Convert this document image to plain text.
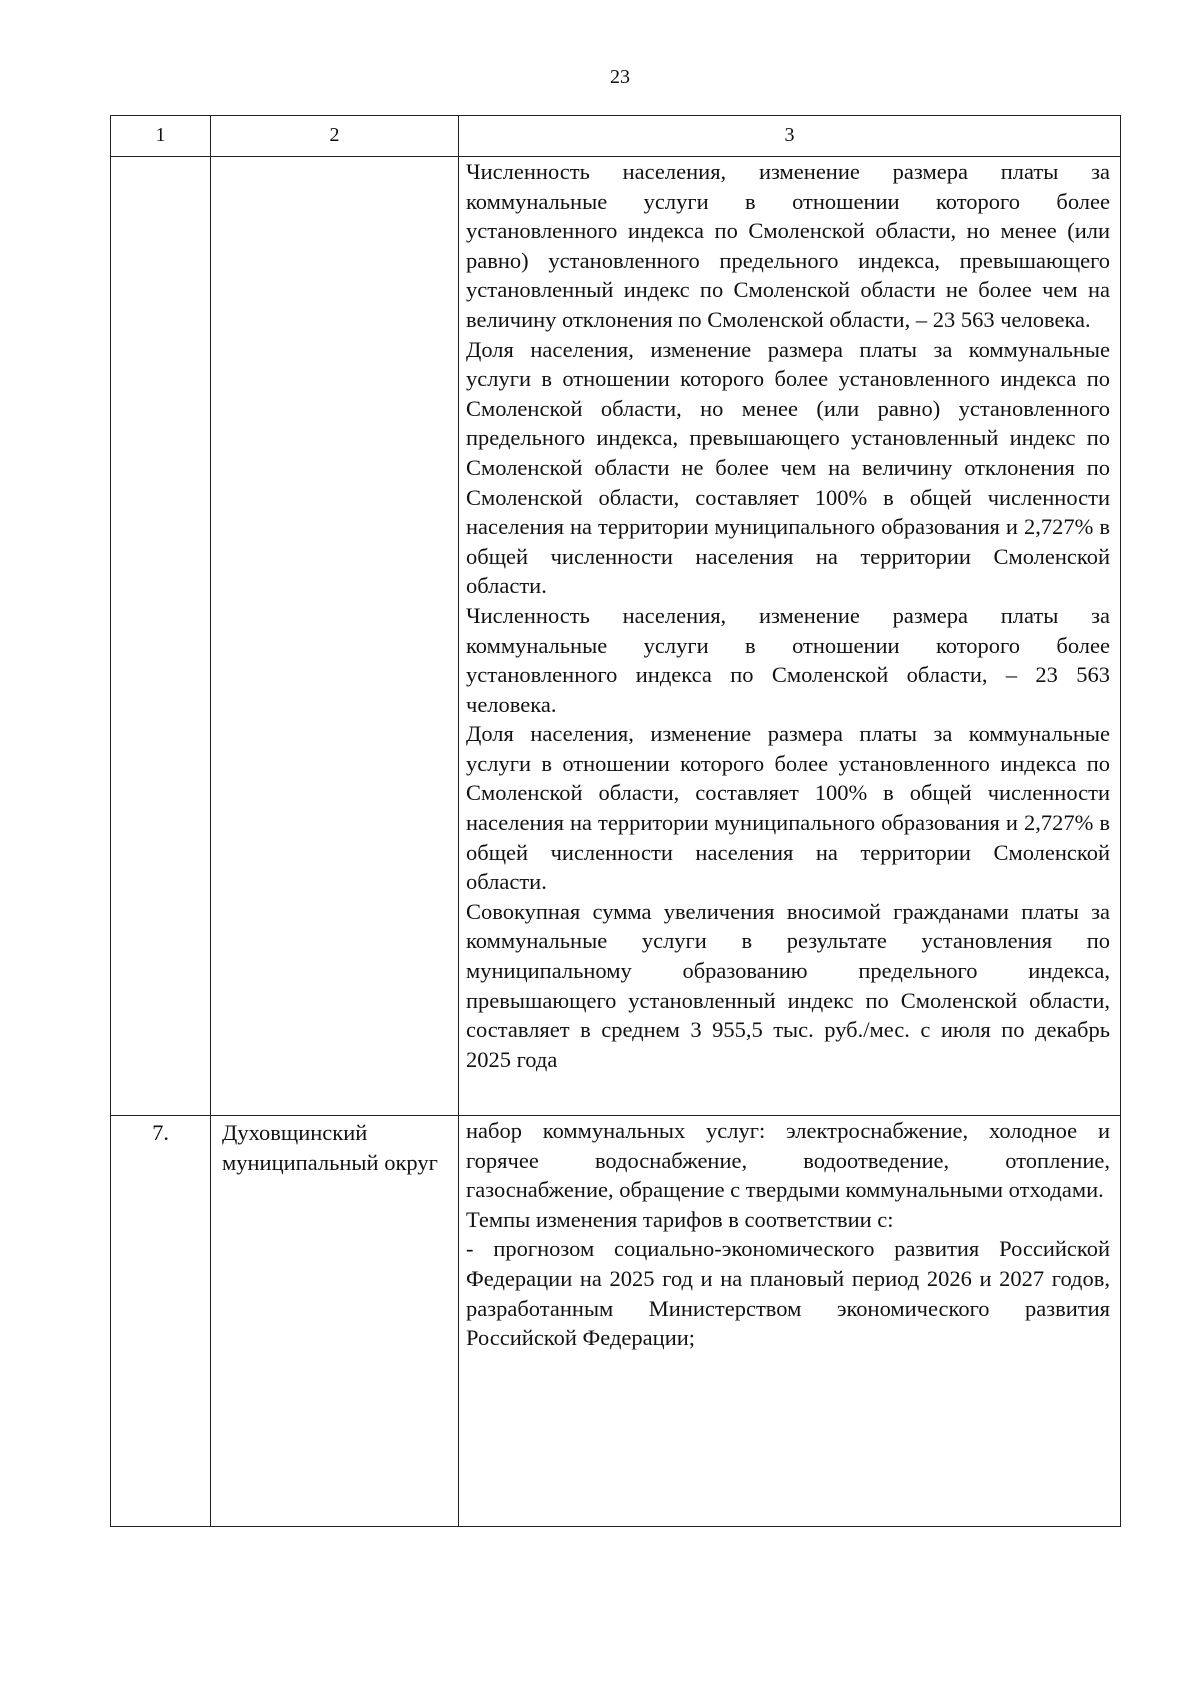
23
1	2	3

		Численность населения, изменение размера платы за коммунальные услуги в отношении которого более установленного индекса по Смоленской области, но менее (или равно) установленного предельного индекса, превышающего установленный индекс по Смоленской области не более чем на величину отклонения по Смоленской области, – 23 563 человека.

Доля населения, изменение размера платы за коммунальные услуги в отношении которого более установленного индекса по Смоленской области, но менее (или равно) установленного предельного индекса, превышающего установленный индекс по Смоленской области не более чем на величину отклонения по Смоленской области, составляет 100% в общей численности населения на территории муниципального образования и 2,727% в общей численности населения на территории Смоленской области.

Численность населения, изменение размера платы за коммунальные услуги в отношении которого более установленного индекса по Смоленской области, – 23 563 человека.

Доля населения, изменение размера платы за коммунальные услуги в отношении которого более установленного индекса по Смоленской области, составляет 100% в общей численности населения на территории муниципального образования и 2,727% в общей численности населения на территории Смоленской области.

Совокупная сумма увеличения вносимой гражданами платы за коммунальные услуги в результате установления по муниципальному образованию предельного индекса, превышающего установленный индекс по Смоленской области, составляет в среднем 3 955,5 тыс. руб./мес. с июля по декабрь 2025 года

7.	Духовщинский муниципальный округ	набор коммунальных услуг: электроснабжение, холодное и горячее водоснабжение, водоотведение, отопление, газоснабжение, обращение с твердыми коммунальными отходами.

Темпы изменения тарифов в соответствии с:

- прогнозом социально-экономического развития Российской Федерации на 2025 год и на плановый период 2026 и 2027 годов, разработанным Министерством экономического развития Российской Федерации;
